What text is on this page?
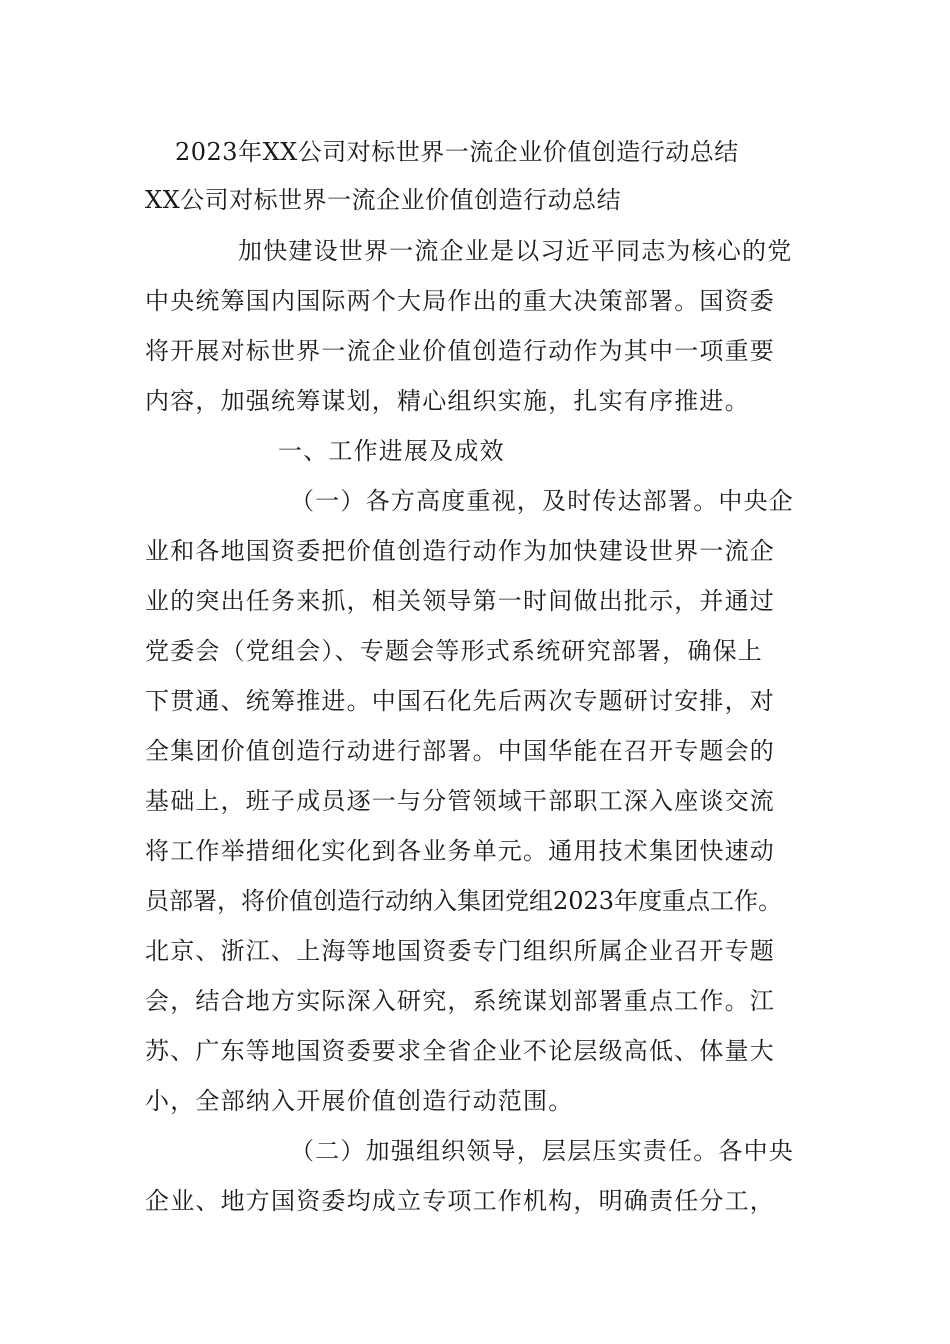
2023年XX公司对标世界一流企业价值创造行动总结
XX公司对标世界一流企业价值创造行动总结
加快建设世界一流企业是以习近平同志为核心的党
中央统筹国内国际两个大局作出的重大决策部署。国资委
将开展对标世界一流企业价值创造行动作为其中一项重要
内容，加强统筹谋划，精心组织实施，扎实有序推进。
一、工作进展及成效
（一）各方高度重视，及时传达部署。中央企
业和各地国资委把价值创造行动作为加快建设世界一流企
业的突出任务来抓，相关领导第一时间做出批示，并通过
党委会（党组会）、专题会等形式系统研究部署，确保上
下贯通、统筹推进。中国石化先后两次专题研讨安排，对
全集团价值创造行动进行部署。中国华能在召开专题会的
基础上，班子成员逐一与分管领域干部职工深入座谈交流
将工作举措细化实化到各业务单元。通用技术集团快速动
员部署，将价值创造行动纳入集团党组2023年度重点工作。
北京、浙江、上海等地国资委专门组织所属企业召开专题
会，结合地方实际深入研究，系统谋划部署重点工作。江
苏、广东等地国资委要求全省企业不论层级高低、体量大
小，全部纳入开展价值创造行动范围。
（二）加强组织领导，层层压实责任。各中央
企业、地方国资委均成立专项工作机构，明确责任分工，
